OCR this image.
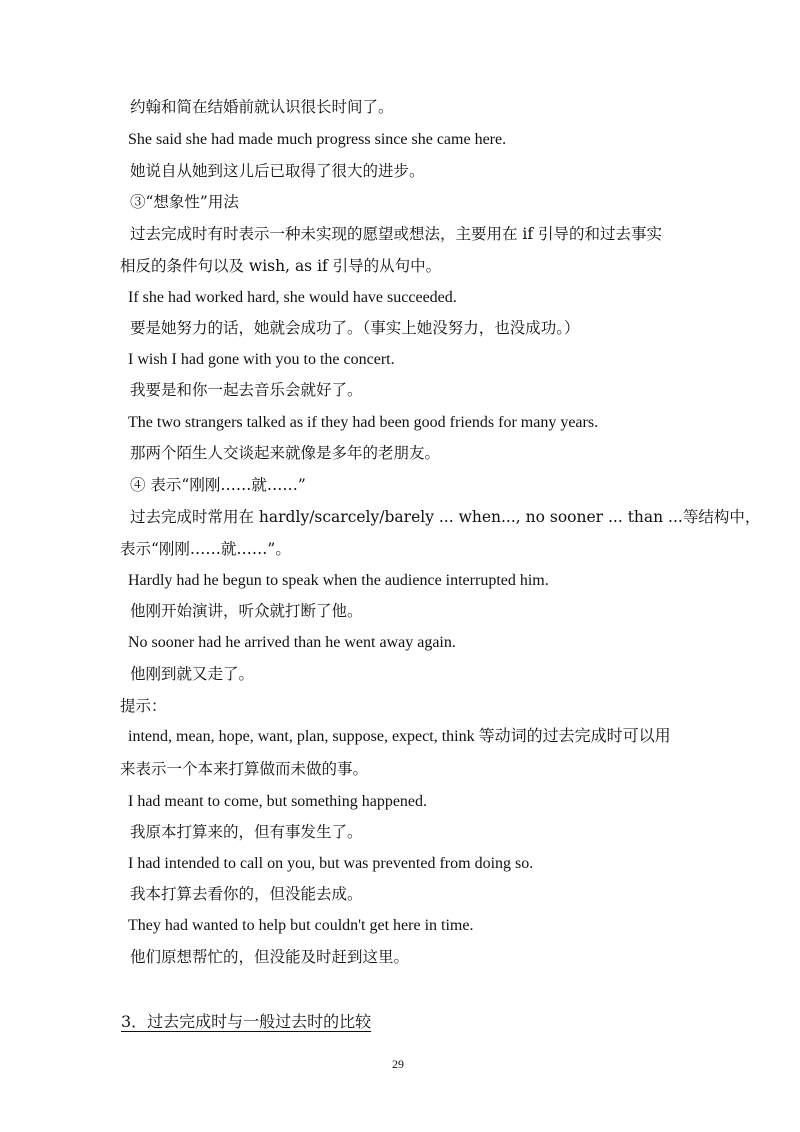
约翰和简在结婚前就认识很长时间了。
She said she had made much progress since she came here.
她说自从她到这儿后已取得了很大的进步。
③“想象性”用法
过去完成时有时表示一种未实现的愿望或想法，主要用在 if 引导的和过去事实
相反的条件句以及 wish, as if 引导的从句中。
If she had worked hard, she would have succeeded.
要是她努力的话，她就会成功了。（事实上她没努力，也没成功。）
I wish I had gone with you to the concert.
我要是和你一起去音乐会就好了。
The two strangers talked as if they had been good friends for many years.
那两个陌生人交谈起来就像是多年的老朋友。
④ 表示“刚刚……就……”
过去完成时常用在 hardly/scarcely/barely ... when..., no sooner ... than ...等结构中，
表示“刚刚……就……”。
Hardly had he begun to speak when the audience interrupted him.
他刚开始演讲，听众就打断了他。
No sooner had he arrived than he went away again.
他刚到就又走了。
提示：
intend, mean, hope, want, plan, suppose, expect, think 等动词的过去完成时可以用
来表示一个本来打算做而未做的事。
I had meant to come, but something happened.
我原本打算来的，但有事发生了。
I had intended to call on you, but was prevented from doing so.
我本打算去看你的，但没能去成。
They had wanted to help but couldn't get here in time.
他们原想帮忙的，但没能及时赶到这里。
3．过去完成时与一般过去时的比较
29
